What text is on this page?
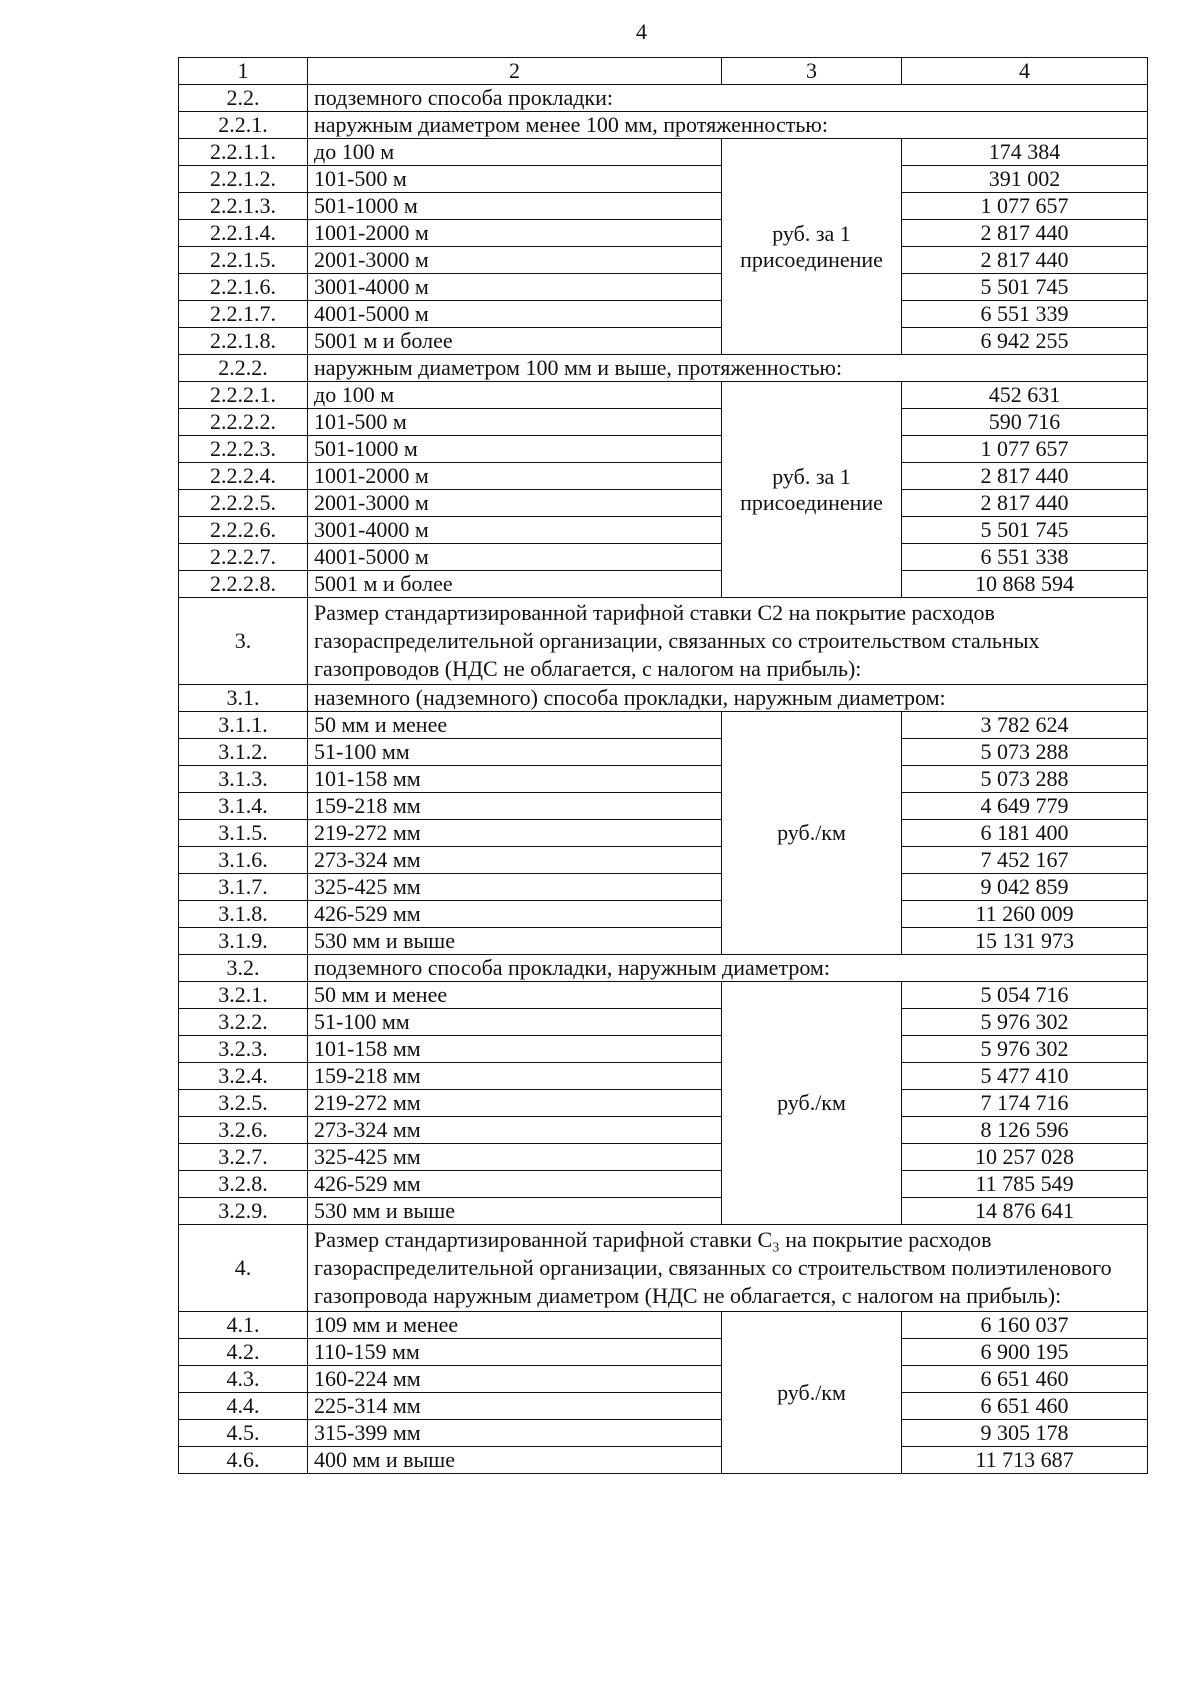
4
1	2	3	4
2.2.	подземного способа прокладки:		
2.2.1.	наружным диаметром менее 100 мм, протяженностью:		
2.2.1.1.	до 100 м	руб. за 1 присоединение	174 384
2.2.1.2.	101-500 м		391 002
2.2.1.3.	501-1000 м		1 077 657
2.2.1.4.	1001-2000 м		2 817 440
2.2.1.5.	2001-3000 м		2 817 440
2.2.1.6.	3001-4000 м		5 501 745
2.2.1.7.	4001-5000 м		6 551 339
2.2.1.8.	5001 м и более		6 942 255
2.2.2.	наружным диаметром 100 мм и выше, протяженностью:		
2.2.2.1.	до 100 м	руб. за 1 присоединение	452 631
2.2.2.2.	101-500 м		590 716
2.2.2.3.	501-1000 м		1 077 657
2.2.2.4.	1001-2000 м		2 817 440
2.2.2.5.	2001-3000 м		2 817 440
2.2.2.6.	3001-4000 м		5 501 745
2.2.2.7.	4001-5000 м		6 551 338
2.2.2.8.	5001 м и более		10 868 594
3.	Размер стандартизированной тарифной ставки С2 на покрытие расходов газораспределительной организации, связанных со строительством стальных газопроводов (НДС не облагается, с налогом на прибыль):		
3.1.	наземного (надземного) способа прокладки, наружным диаметром:		
3.1.1.	50 мм и менее	руб./км	3 782 624
3.1.2.	51-100 мм		5 073 288
3.1.3.	101-158 мм		5 073 288
3.1.4.	159-218 мм		4 649 779
3.1.5.	219-272 мм		6 181 400
3.1.6.	273-324 мм		7 452 167
3.1.7.	325-425 мм		9 042 859
3.1.8.	426-529 мм		11 260 009
3.1.9.	530 мм и выше		15 131 973
3.2.	подземного способа прокладки, наружным диаметром:		
3.2.1.	50 мм и менее	руб./км	5 054 716
3.2.2.	51-100 мм		5 976 302
3.2.3.	101-158 мм		5 976 302
3.2.4.	159-218 мм		5 477 410
3.2.5.	219-272 мм		7 174 716
3.2.6.	273-324 мм		8 126 596
3.2.7.	325-425 мм		10 257 028
3.2.8.	426-529 мм		11 785 549
3.2.9.	530 мм и выше		14 876 641
4.	Размер стандартизированной тарифной ставки С₃ на покрытие расходов газораспределительной организации, связанных со строительством полиэтиленового газопровода наружным диаметром (НДС не облагается, с налогом на прибыль):		
4.1.	109 мм и менее	руб./км	6 160 037
4.2.	110-159 мм		6 900 195
4.3.	160-224 мм		6 651 460
4.4.	225-314 мм		6 651 460
4.5.	315-399 мм		9 305 178
4.6.	400 мм и выше		11 713 687
